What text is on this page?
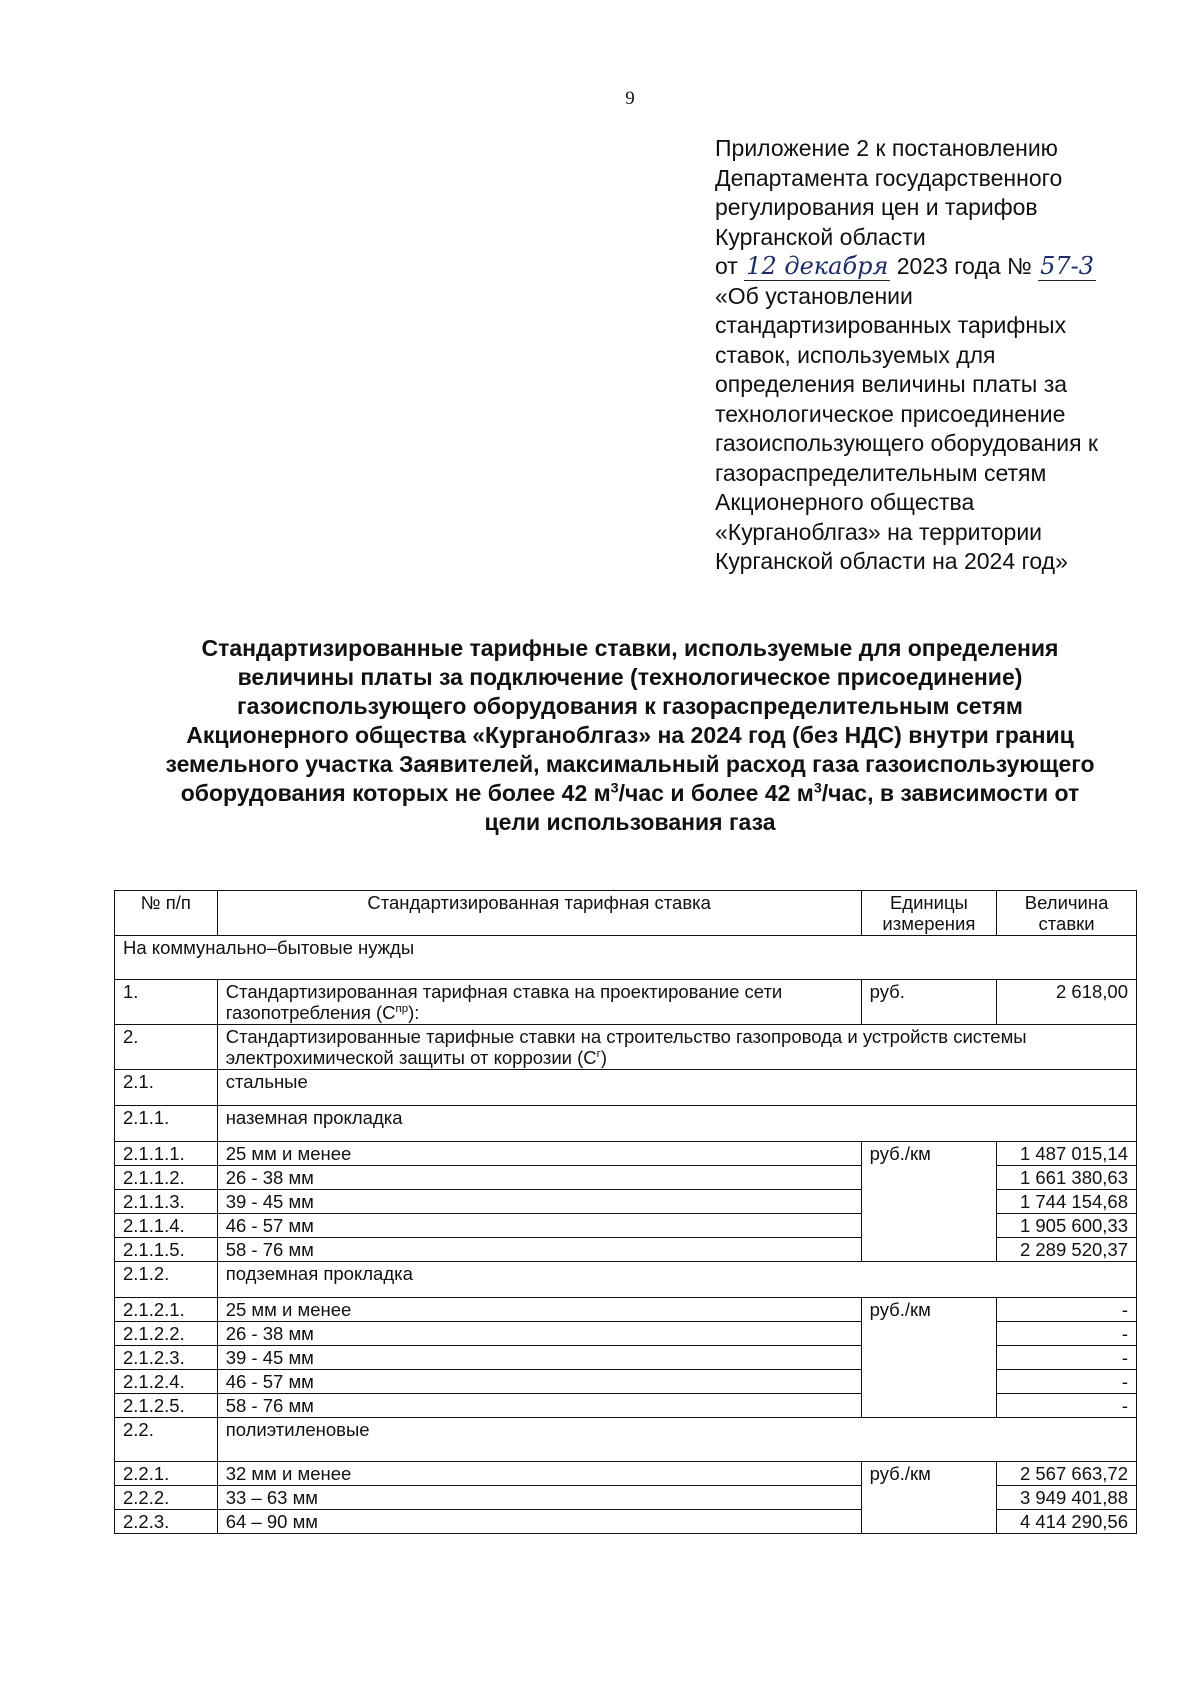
9
Приложение 2 к постановлению
Департамента государственного
регулирования цен и тарифов
Курганской области
от 12 декабря 2023 года № 57-3
«Об установлении
стандартизированных тарифных
ставок, используемых для
определения величины платы за
технологическое присоединение
газоиспользующего оборудования к
газораспределительным сетям
Акционерного общества
«Курганоблгаз» на территории
Курганской области на 2024 год»
Стандартизированные тарифные ставки, используемые для определения
величины платы за подключение (технологическое присоединение)
газоиспользующего оборудования к газораспределительным сетям
Акционерного общества «Курганоблгаз» на 2024 год (без НДС) внутри границ
земельного участка Заявителей, максимальный расход газа газоиспользующего
оборудования которых не более 42 $м^3$/час и более 42 $м^3$/час, в зависимости от
цели использования газа
№ п/п	Стандартизированная тарифная ставка	Единицы измерения	Величина ставки
На коммунально–бытовые нужды			
1.	Стандартизированная тарифная ставка на проектирование сети газопотребления $(С^{пр})$:	руб.	2 618,00
2.	Стандартизированные тарифные ставки на строительство газопровода и устройств системы электрохимической защиты от коррозии $(С^г)$		
2.1.	стальные		
2.1.1.	наземная прокладка		
2.1.1.1.	25 мм и менее	руб./км	1 487 015,14
2.1.1.2.	26 - 38 мм		1 661 380,63
2.1.1.3.	39 - 45 мм		1 744 154,68
2.1.1.4.	46 - 57 мм		1 905 600,33
2.1.1.5.	58 - 76 мм		2 289 520,37
2.1.2.	подземная прокладка		
2.1.2.1.	25 мм и менее	руб./км	-
2.1.2.2.	26 - 38 мм		-
2.1.2.3.	39 - 45 мм		-
2.1.2.4.	46 - 57 мм		-
2.1.2.5.	58 - 76 мм		-
2.2.	полиэтиленовые		
2.2.1.	32 мм и менее	руб./км	2 567 663,72
2.2.2.	33 – 63 мм		3 949 401,88
2.2.3.	64 – 90 мм		4 414 290,56
